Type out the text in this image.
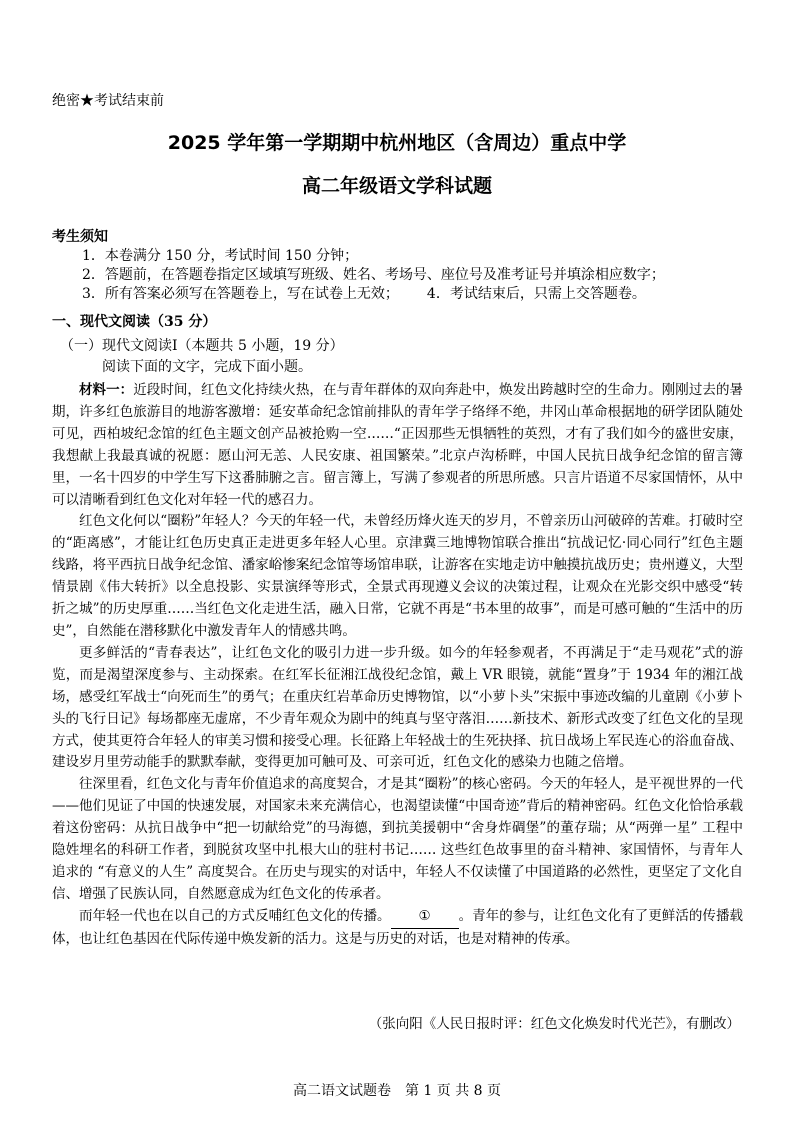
绝密★考试结束前
2025 学年第一学期期中杭州地区（含周边）重点中学
高二年级语文学科试题
考生须知
1．本卷满分 150 分，考试时间 150 分钟；
2．答题前，在答题卷指定区域填写班级、姓名、考场号、座位号及准考证号并填涂相应数字；
3．所有答案必须写在答题卷上，写在试卷上无效； 4．考试结束后，只需上交答题卷。
一、现代文阅读（35 分）
（一）现代文阅读Ⅰ（本题共 5 小题，19 分）
阅读下面的文字，完成下面小题。

材料一：近段时间，红色文化持续火热，在与青年群体的双向奔赴中，焕发出跨越时空的生命力。刚刚过去的暑期，许多红色旅游目的地游客激增：延安革命纪念馆前排队的青年学子络绎不绝，井冈山革命根据地的研学团队随处可见，西柏坡纪念馆的红色主题文创产品被抢购一空……“正因那些无惧牺牲的英烈，才有了我们如今的盛世安康，我想献上我最真诚的祝愿：愿山河无恙、人民安康、祖国繁荣。”北京卢沟桥畔，中国人民抗日战争纪念馆的留言簿里，一名十四岁的中学生写下这番肺腑之言。留言簿上，写满了参观者的所思所感。只言片语道不尽家国情怀，从中可以清晰看到红色文化对年轻一代的感召力。

红色文化何以“圈粉”年轻人？今天的年轻一代，未曾经历烽火连天的岁月，不曾亲历山河破碎的苦难。打破时空的“距离感”，才能让红色历史真正走进更多年轻人心里。京津冀三地博物馆联合推出“抗战记忆·同心同行”红色主题线路，将平西抗日战争纪念馆、潘家峪惨案纪念馆等场馆串联，让游客在实地走访中触摸抗战历史；贵州遵义，大型情景剧《伟大转折》以全息投影、实景演绎等形式，全景式再现遵义会议的决策过程，让观众在光影交织中感受“转折之城”的历史厚重……当红色文化走进生活，融入日常，它就不再是“书本里的故事”，而是可感可触的“生活中的历史”，自然能在潜移默化中激发青年人的情感共鸣。

更多鲜活的“青春表达”，让红色文化的吸引力进一步升级。如今的年轻参观者，不再满足于“走马观花”式的游览，而是渴望深度参与、主动探索。在红军长征湘江战役纪念馆，戴上 VR 眼镜，就能“置身”于 1934 年的湘江战场，感受红军战士“向死而生”的勇气；在重庆红岩革命历史博物馆，以“小萝卜头”宋振中事迹改编的儿童剧《小萝卜头的飞行日记》每场都座无虚席，不少青年观众为剧中的纯真与坚守落泪……新技术、新形式改变了红色文化的呈现方式，使其更符合年轻人的审美习惯和接受心理。长征路上年轻战士的生死抉择、抗日战场上军民连心的浴血奋战、建设岁月里劳动能手的默默奉献，变得更加可触可及、可亲可近，红色文化的感染力也随之倍增。

往深里看，红色文化与青年价值追求的高度契合，才是其“圈粉”的核心密码。今天的年轻人，是平视世界的一代——他们见证了中国的快速发展，对国家未来充满信心，也渴望读懂“中国奇迹”背后的精神密码。红色文化恰恰承载着这份密码：从抗日战争中“把一切献给党”的马海德，到抗美援朝中“舍身炸碉堡”的董存瑞；从“两弹一星” 工程中隐姓埋名的科研工作者，到脱贫攻坚中扎根大山的驻村书记…… 这些红色故事里的奋斗精神、家国情怀，与青年人追求的 “有意义的人生” 高度契合。在历史与现实的对话中，年轻人不仅读懂了中国道路的必然性，更坚定了文化自信、增强了民族认同，自然愿意成为红色文化的传承者。

而年轻一代也在以自己的方式反哺红色文化的传播。 ① 。青年的参与，让红色文化有了更鲜活的传播载体，也让红色基因在代际传递中焕发新的活力。这是与历史的对话，也是对精神的传承。

（张向阳《人民日报时评：红色文化焕发时代光芒》，有删改）
高二语文试题卷　第 1 页 共 8 页
